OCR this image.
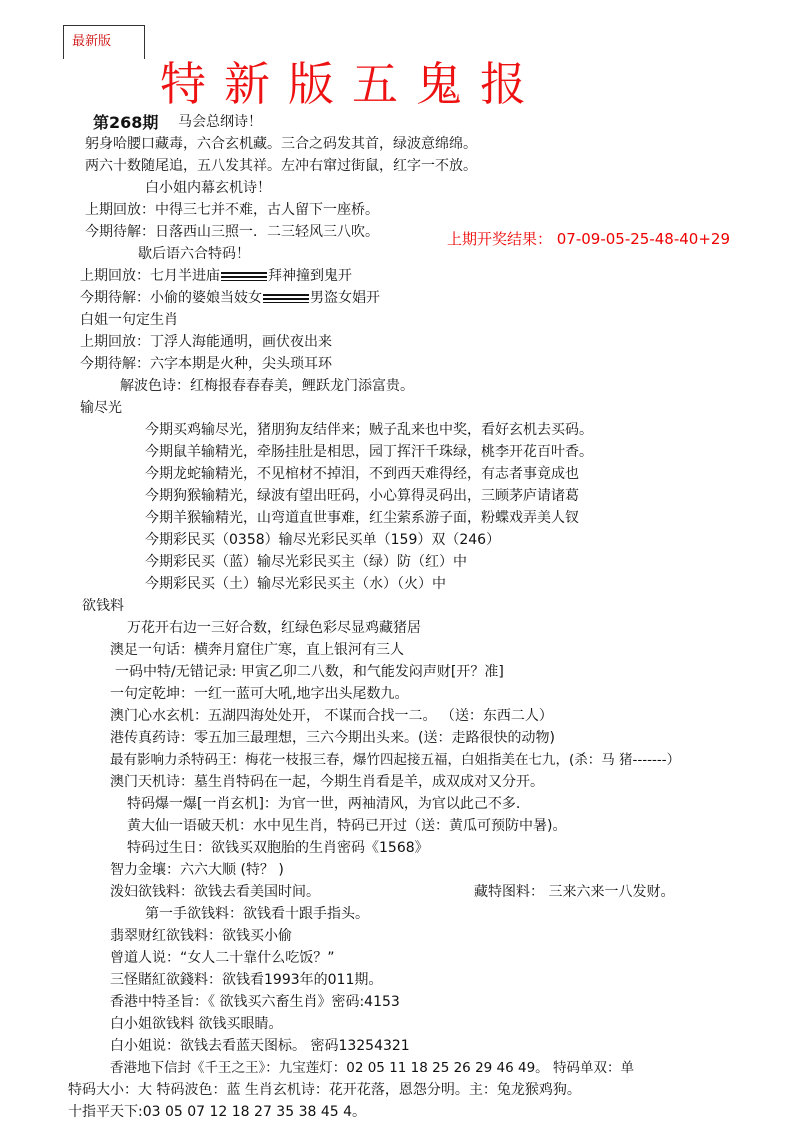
最新版
特新版五鬼报
第268期 马会总纲诗！
上期开奖结果： 07-09-05-25-48-40+29
躬身哈腰口藏毒，六合玄机藏。三合之码发其首，绿波意绵绵。
两六十数随尾追，五八发其祥。左冲右窜过街鼠，红字一不放。
白小姐内幕玄机诗！
上期回放：中得三七并不难，古人留下一座桥。
今期待解：日落西山三照一．二三轻风三八吹。
歇后语六合特码！
上期回放：七月半进庙	拜神撞到鬼开
今期待解：小偷的婆娘当妓女	男盗女娼开
白姐一句定生肖
上期回放：丁浮人海能通明，画伏夜出来
今期待解：六字本期是火种，尖头琐耳环
解波色诗：红梅报春春春美，鲤跃龙门添富贵。
输尽光
今期买鸡输尽光，猪朋狗友结伴来；贼子乱来也中奖，看好玄机去买码。
今期鼠羊输精光，牵肠挂肚是相思，园丁挥汗千珠绿，桃李开花百叶香。
今期龙蛇输精光，不见棺材不掉泪，不到西天难得经，有志者事竟成也
今期狗猴输精光，绿波有望出旺码，小心算得灵码出，三顾茅庐请诸葛
今期羊猴输精光，山弯道直世事难，红尘萦系游子面，粉蝶戏弄美人钗
今期彩民买（0358）输尽光彩民买单（159）双（246）
今期彩民买（蓝）输尽光彩民买主（绿）防（红）中
今期彩民买（土）输尽光彩民买主（水）（火）中
欲钱料
万花开右边一三好合数，红绿色彩尽显鸡藏猪居
澳足一句话：横奔月窟住广寒，直上银河有三人
一码中特/无错记录: 甲寅乙卯二八数，和气能发闷声财[开？准]
一句定乾坤：一红一蓝可大吼,地字出头尾数九。
澳门心水玄机：五湖四海处处开， 不谋而合找一二。 （送：东西二人）
港传真药诗：零五加三最理想，三六今期出头来。(送：走路很快的动物)
最有影响力杀特码王：梅花一枝报三春，爆竹四起接五福，白姐指美在七九，(杀：马 猪-------）
澳门天机诗：墓生肖特码在一起，今期生肖看是羊，成双成对又分开。
特码爆一爆[一肖玄机]：为官一世，两袖清风，为官以此己不多.
黄大仙一语破天机：水中见生肖，特码已开过（送：黄瓜可预防中暑)。
特码过生日：欲钱买双胞胎的生肖密码《1568》
智力金壤：六六大顺 (特？ )
泼妇欲钱料：欲钱去看美国时间。	藏特图料： 三来六来一八发财。
第一手欲钱料：欲钱看十跟手指头。
翡翠财红欲钱料：欲钱买小偷
曾道人说：“女人二十靠什么吃饭？”
三怪賭紅欲錢料：欲钱看1993年的011期。
香港中特圣旨：《 欲钱买六畜生肖》密码:4153
白小姐欲钱料 欲钱买眼睛。
白小姐说：欲钱去看蓝天图标。 密码13254321
香港地下信封《千王之王》：九宝莲灯：02 05 11 18 25 26 29 46 49。 特码单双：单
特码大小：大 特码波色：蓝 生肖玄机诗：花开花落，恩怨分明。主：兔龙猴鸡狗。
十指平天下:03 05 07 12 18 27 35 38 45 4。
